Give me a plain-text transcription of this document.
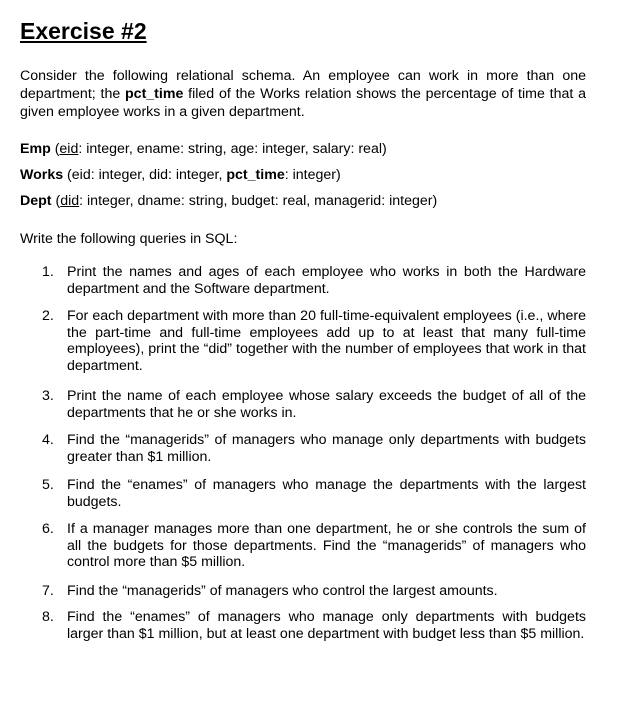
Exercise #2

Consider the following relational schema. An employee can work in more than one department; the pct_time filed of the Works relation shows the percentage of time that a given employee works in a given department.

Emp (eid: integer, ename: string, age: integer, salary: real)

Works (eid: integer, did: integer, pct_time: integer)

Dept (did: integer, dname: string, budget: real, managerid: integer)

Write the following queries in SQL:

1. Print the names and ages of each employee who works in both the Hardware department and the Software department.

2. For each department with more than 20 full-time-equivalent employees (i.e., where the part-time and full-time employees add up to at least that many full-time employees), print the “did” together with the number of employees that work in that department.

3. Print the name of each employee whose salary exceeds the budget of all of the departments that he or she works in.

4. Find the “managerids” of managers who manage only departments with budgets greater than $1 million.

5. Find the “enames” of managers who manage the departments with the largest budgets.

6. If a manager manages more than one department, he or she controls the sum of all the budgets for those departments. Find the “managerids” of managers who control more than $5 million.

7. Find the “managerids” of managers who control the largest amounts.

8. Find the “enames” of managers who manage only departments with budgets larger than $1 million, but at least one department with budget less than $5 million.
